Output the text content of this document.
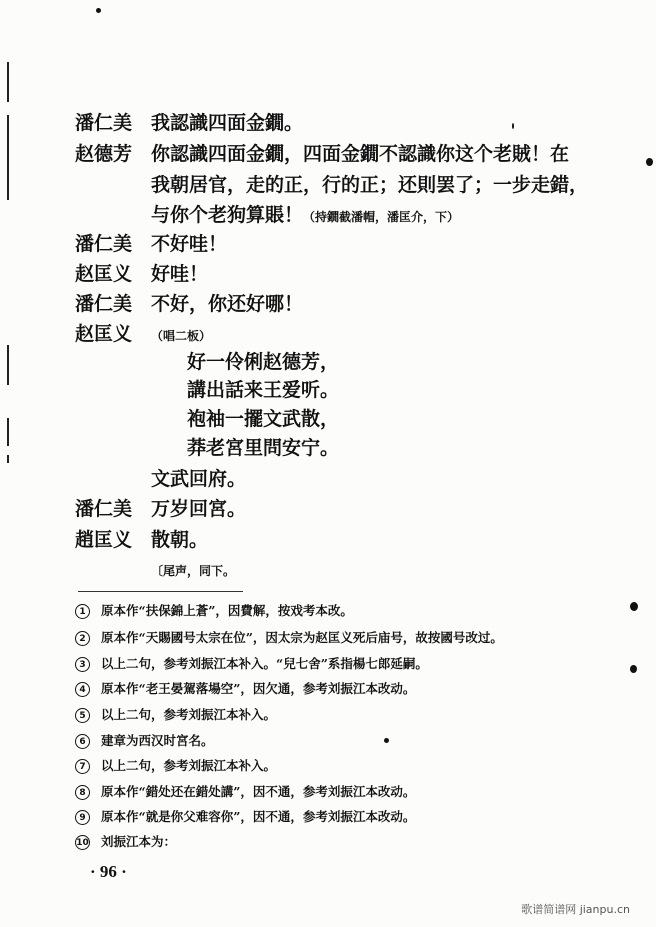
潘仁美 我認識四面金鐗。
赵德芳 你認識四面金鐗，四面金鐗不認識你这个老賊！在
我朝居官，走的正，行的正；还則罢了；一步走錯，
与你个老狗算賬！（持鐗截潘帽，潘匡介，下）
潘仁美 不好哇！
赵匡义 好哇！
潘仁美 不好，你还好哪！
赵匡义 （唱二板）
好一伶俐赵德芳，
講出話来王爱听。
袍袖一擺文武散，
莽老宮里問安宁。
文武回府。
潘仁美 万岁回宮。
趙匡义 散朝。
〔尾声，同下。
1 原本作“扶保錦上蒼”，因費解，按戏考本改。
2 原本作“天賜國号太宗在位”，因太宗为赵匡义死后庙号，故按國号改过。
3 以上二句，参考刘振江本补入。“兒七舍”系指楊七郎延嗣。
4 原本作“老王晏駕落場空”，因欠通，参考刘振江本改动。
5 以上二句，参考刘振江本补入。
6 建章为西汉时宮名。
7 以上二句，参考刘振江本补入。
8 原本作“錯处还在錯处講”，因不通，参考刘振江本改动。
9 原本作“就是你父难容你”，因不通，参考刘振江本改动。
10 刘振江本为：
· 96 ·
歌谱简谱网 jianpu.cn
